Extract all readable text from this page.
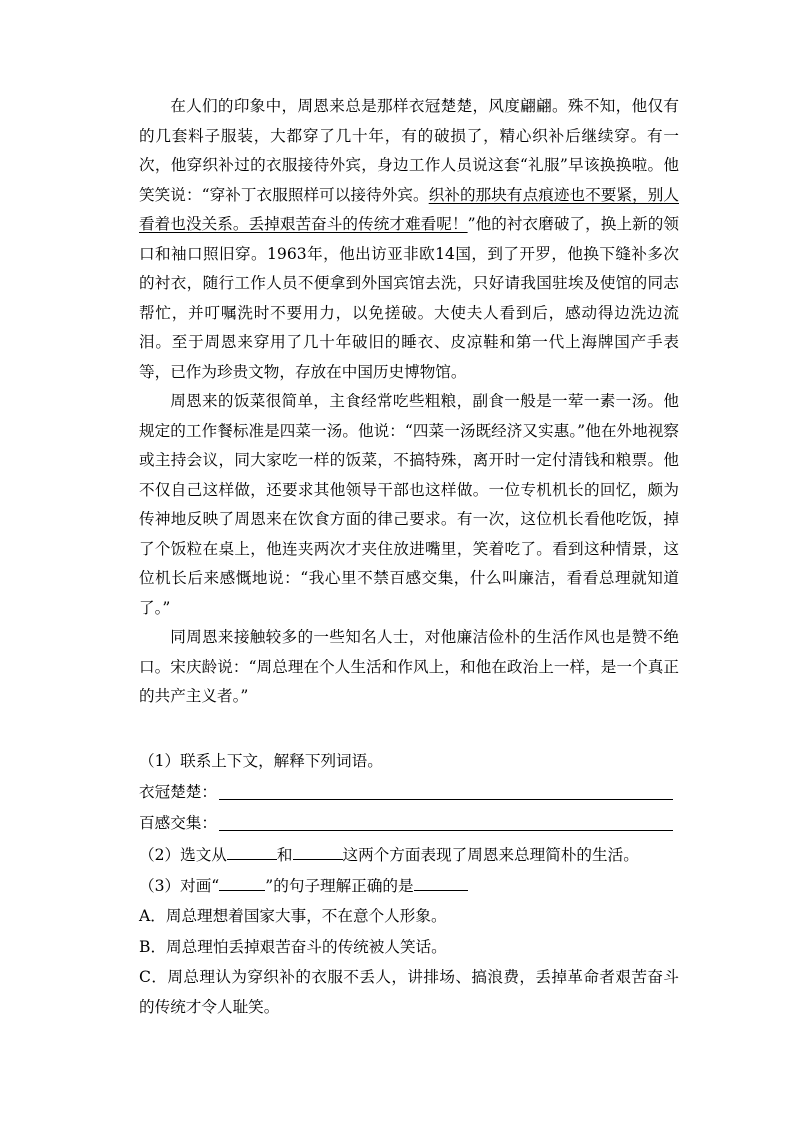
在人们的印象中，周恩来总是那样衣冠楚楚，风度翩翩。殊不知，他仅有的几套料子服装，大都穿了几十年，有的破损了，精心织补后继续穿。有一次，他穿织补过的衣服接待外宾，身边工作人员说这套“礼服”早该换换啦。他笑笑说：“穿补丁衣服照样可以接待外宾。织补的那块有点痕迹也不要紧，别人看着也没关系。丢掉艰苦奋斗的传统才难看呢！”他的衬衣磨破了，换上新的领口和袖口照旧穿。1963年，他出访亚非欧14国，到了开罗，他换下缝补多次的衬衣，随行工作人员不便拿到外国宾馆去洗，只好请我国驻埃及使馆的同志帮忙，并叮嘱洗时不要用力，以免搓破。大使夫人看到后，感动得边洗边流泪。至于周恩来穿用了几十年破旧的睡衣、皮凉鞋和第一代上海牌国产手表等，已作为珍贵文物，存放在中国历史博物馆。

周恩来的饭菜很简单，主食经常吃些粗粮，副食一般是一荤一素一汤。他规定的工作餐标准是四菜一汤。他说：“四菜一汤既经济又实惠。”他在外地视察或主持会议，同大家吃一样的饭菜，不搞特殊，离开时一定付清钱和粮票。他不仅自己这样做，还要求其他领导干部也这样做。一位专机机长的回忆，颇为传神地反映了周恩来在饮食方面的律己要求。有一次，这位机长看他吃饭，掉了个饭粒在桌上，他连夹两次才夹住放进嘴里，笑着吃了。看到这种情景，这位机长后来感慨地说：“我心里不禁百感交集，什么叫廉洁，看看总理就知道了。”

同周恩来接触较多的一些知名人士，对他廉洁俭朴的生活作风也是赞不绝口。宋庆龄说：“周总理在个人生活和作风上，和他在政治上一样，是一个真正的共产主义者。”

（1）联系上下文，解释下列词语。
衣冠楚楚：
百感交集：
（2）选文从	和	这两个方面表现了周恩来总理简朴的生活。
（3）对画“	”的句子理解正确的是
A．周总理想着国家大事，不在意个人形象。
B．周总理怕丢掉艰苦奋斗的传统被人笑话。

C．周总理认为穿织补的衣服不丢人，讲排场、搞浪费，丢掉革命者艰苦奋斗的传统才令人耻笑。
